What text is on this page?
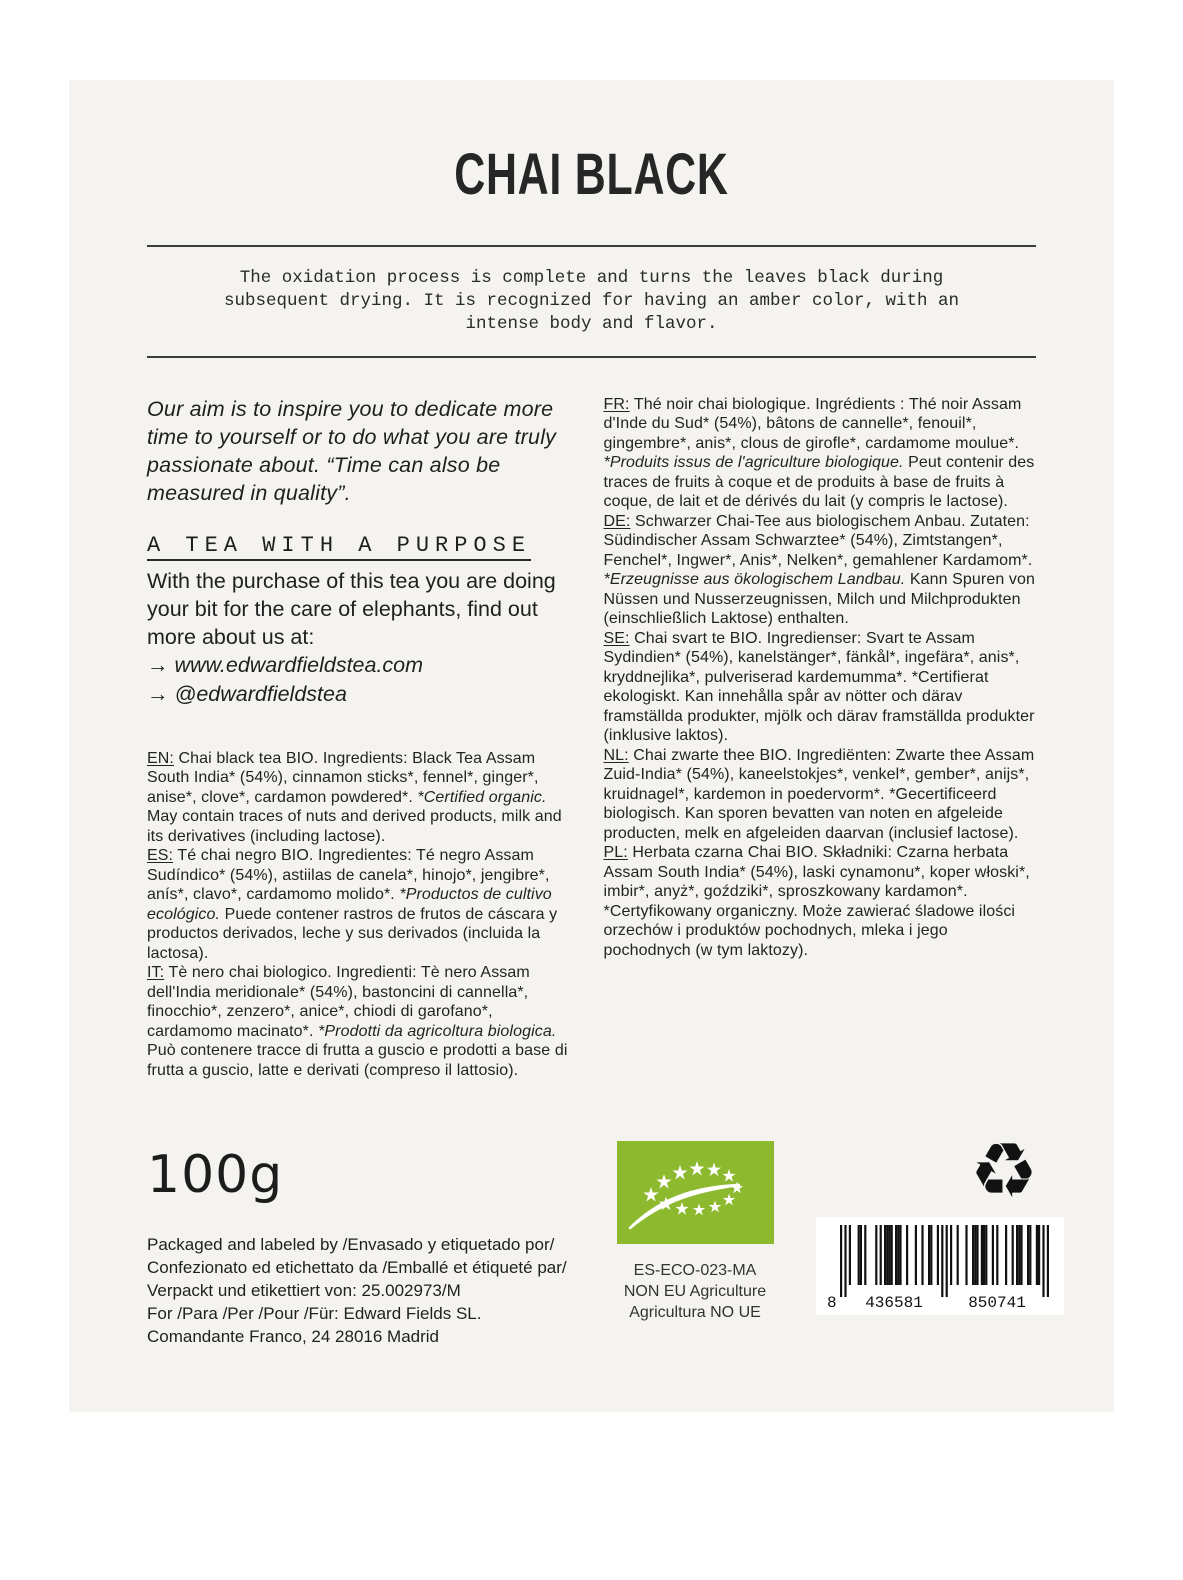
CHAI BLACK

The oxidation process is complete and turns the leaves black during subsequent drying. It is recognized for having an amber color, with an intense body and flavor.

Our aim is to inspire you to dedicate more time to yourself or to do what you are truly passionate about. “Time can also be measured in quality”.

A TEA WITH A PURPOSE

With the purchase of this tea you are doing your bit for the care of elephants, find out more about us at:

→ www.edwardfieldstea.com

→ @edwardfieldstea

EN: Chai black tea BIO. Ingredients: Black Tea Assam South India* (54%), cinnamon sticks*, fennel*, ginger*, anise*, clove*, cardamon powdered*. *Certified organic. May contain traces of nuts and derived products, milk and its derivatives (including lactose).

ES: Té chai negro BIO. Ingredientes: Té negro Assam Sudíndico* (54%), astiilas de canela*, hinojo*, jengibre*, anís*, clavo*, cardamomo molido*. *Productos de cultivo ecológico. Puede contener rastros de frutos de cáscara y productos derivados, leche y sus derivados (incluida la lactosa).

IT: Tè nero chai biologico. Ingredienti: Tè nero Assam dell'India meridionale* (54%), bastoncini di cannella*, finocchio*, zenzero*, anice*, chiodi di garofano*, cardamomo macinato*. *Prodotti da agricoltura biologica. Può contenere tracce di frutta a guscio e prodotti a base di frutta a guscio, latte e derivati (compreso il lattosio).

FR: Thé noir chai biologique. Ingrédients : Thé noir Assam d'Inde du Sud* (54%), bâtons de cannelle*, fenouil*, gingembre*, anis*, clous de girofle*, cardamome moulue*. *Produits issus de l'agriculture biologique. Peut contenir des traces de fruits à coque et de produits à base de fruits à coque, de lait et de dérivés du lait (y compris le lactose).

DE: Schwarzer Chai-Tee aus biologischem Anbau. Zutaten: Südindischer Assam Schwarztee* (54%), Zimtstangen*, Fenchel*, Ingwer*, Anis*, Nelken*, gemahlener Kardamom*. *Erzeugnisse aus ökologischem Landbau. Kann Spuren von Nüssen und Nusserzeugnissen, Milch und Milchprodukten (einschließlich Laktose) enthalten.

SE: Chai svart te BIO. Ingredienser: Svart te Assam Sydindien* (54%), kanelstänger*, fänkål*, ingefära*, anis*, kryddnejlika*, pulveriserad kardemumma*. *Certifierat ekologiskt. Kan innehålla spår av nötter och därav framställda produkter, mjölk och därav framställda produkter (inklusive laktos).

NL: Chai zwarte thee BIO. Ingrediënten: Zwarte thee Assam Zuid-India* (54%), kaneelstokjes*, venkel*, gember*, anijs*, kruidnagel*, kardemon in poedervorm*. *Gecertificeerd biologisch. Kan sporen bevatten van noten en afgeleide producten, melk en afgeleiden daarvan (inclusief lactose).

PL: Herbata czarna Chai BIO. Składniki: Czarna herbata Assam South India* (54%), laski cynamonu*, koper włoski*, imbir*, anyż*, goździki*, sproszkowany kardamon*. *Certyfikowany organiczny. Może zawierać śladowe ilości orzechów i produktów pochodnych, mleka i jego pochodnych (w tym laktozy).

100g

Packaged and labeled by /Envasado y etiquetado por/

Confezionato ed etichettato da /Emballé et étiqueté par/

Verpackt und etikettiert von: 25.002973/M

For /Para /Per /Pour /Für: Edward Fields SL.

Comandante Franco, 24 28016 Madrid

ES-ECO-023-MA
NON EU Agriculture
Agricultura NO UE
♻
8 436581	850741
